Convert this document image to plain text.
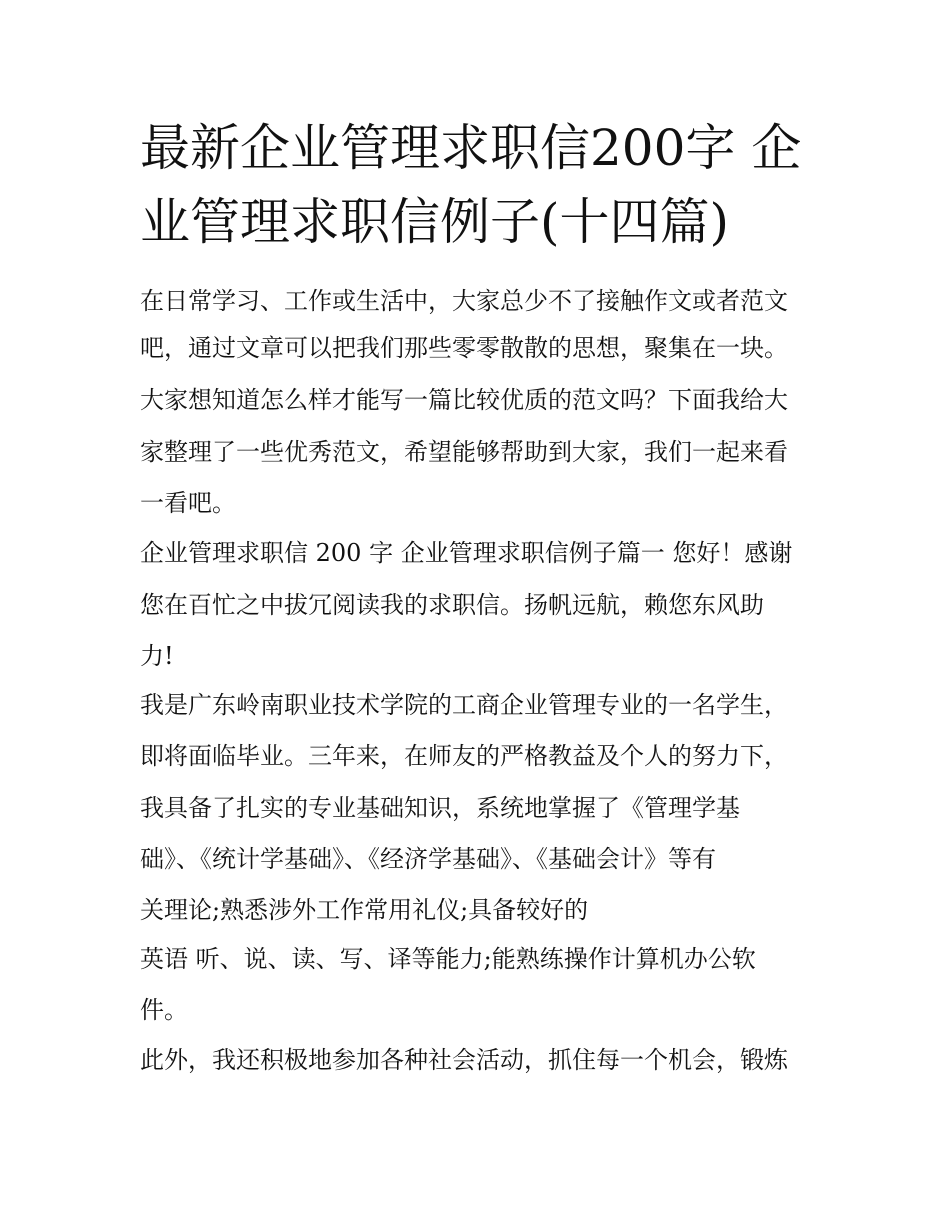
最新企业管理求职信200字 企
业管理求职信例子(十四篇)
在日常学习、工作或生活中，大家总少不了接触作文或者范文
吧，通过文章可以把我们那些零零散散的思想，聚集在一块。
大家想知道怎么样才能写一篇比较优质的范文吗？下面我给大
家整理了一些优秀范文，希望能够帮助到大家，我们一起来看
一看吧。
企业管理求职信 200 字 企业管理求职信例子篇一 您好！感谢
您在百忙之中拔冗阅读我的求职信。扬帆远航，赖您东风助
力!
我是广东岭南职业技术学院的工商企业管理专业的一名学生，
即将面临毕业。三年来，在师友的严格教益及个人的努力下，
我具备了扎实的专业基础知识，系统地掌握了《管理学基
础》、《统计学基础》、《经济学基础》、《基础会计》等有
关理论;熟悉涉外工作常用礼仪;具备较好的
英语 听、说、读、写、译等能力;能熟练操作计算机办公软
件。
此外，我还积极地参加各种社会活动，抓住每一个机会，锻炼
